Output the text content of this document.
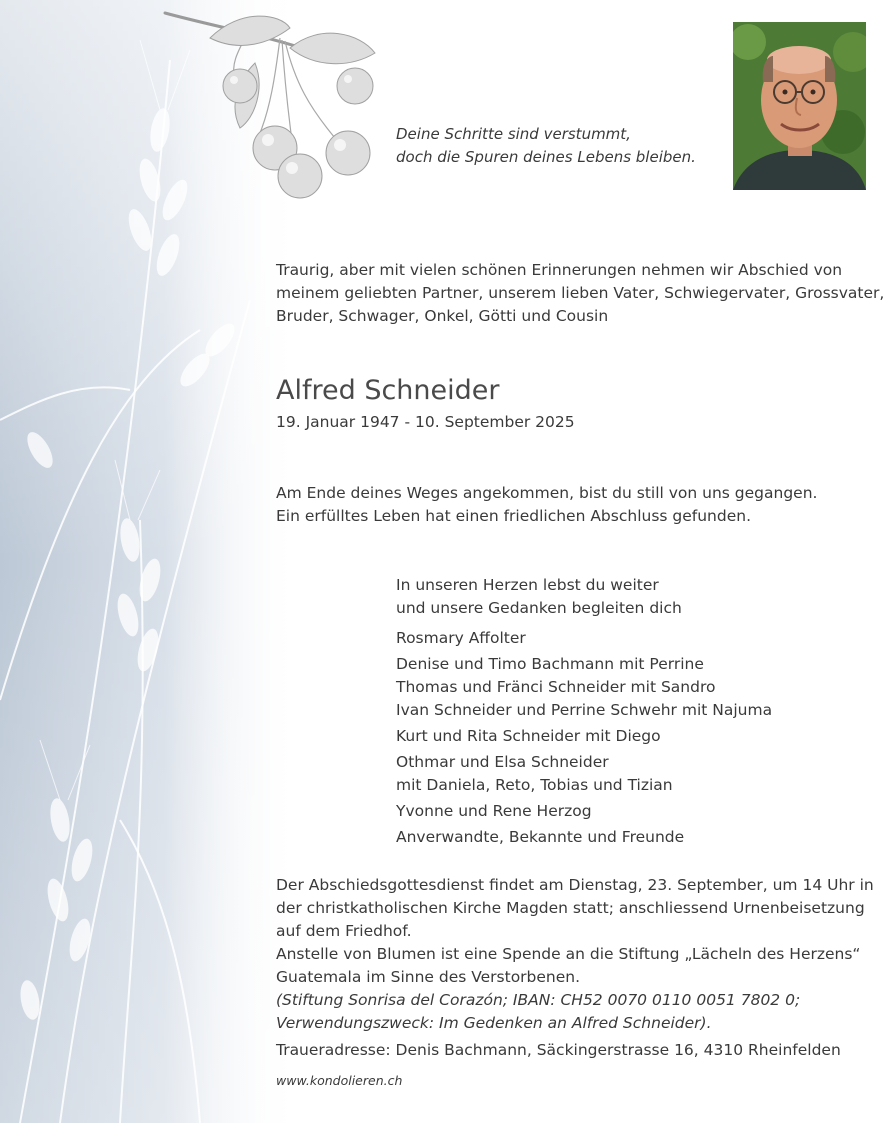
Deine Schritte sind verstummt,
doch die Spuren deines Lebens bleiben.
Traurig, aber mit vielen schönen Erinnerungen nehmen wir Abschied von
meinem geliebten Partner, unserem lieben Vater, Schwiegervater, Grossvater,
Bruder, Schwager, Onkel, Götti und Cousin
Alfred Schneider
19. Januar 1947 - 10. September 2025
Am Ende deines Weges angekommen, bist du still von uns gegangen.
Ein erfülltes Leben hat einen friedlichen Abschluss gefunden.
In unseren Herzen lebst du weiter
und unsere Gedanken begleiten dich
Rosmary Affolter
Denise und Timo Bachmann mit Perrine
Thomas und Fränci Schneider mit Sandro
Ivan Schneider und Perrine Schwehr mit Najuma
Kurt und Rita Schneider mit Diego
Othmar und Elsa Schneider
mit Daniela, Reto, Tobias und Tizian
Yvonne und Rene Herzog
Anverwandte, Bekannte und Freunde
Der Abschiedsgottesdienst findet am Dienstag, 23. September, um 14 Uhr in
der christkatholischen Kirche Magden statt; anschliessend Urnenbeisetzung
auf dem Friedhof.
Anstelle von Blumen ist eine Spende an die Stiftung „Lächeln des Herzens“
Guatemala im Sinne des Verstorbenen.
(Stiftung Sonrisa del Corazón; IBAN: CH52 0070 0110 0051 7802 0;
Verwendungszweck: Im Gedenken an Alfred Schneider).
Traueradresse: Denis Bachmann, Säckingerstrasse 16, 4310 Rheinfelden
www.kondolieren.ch
